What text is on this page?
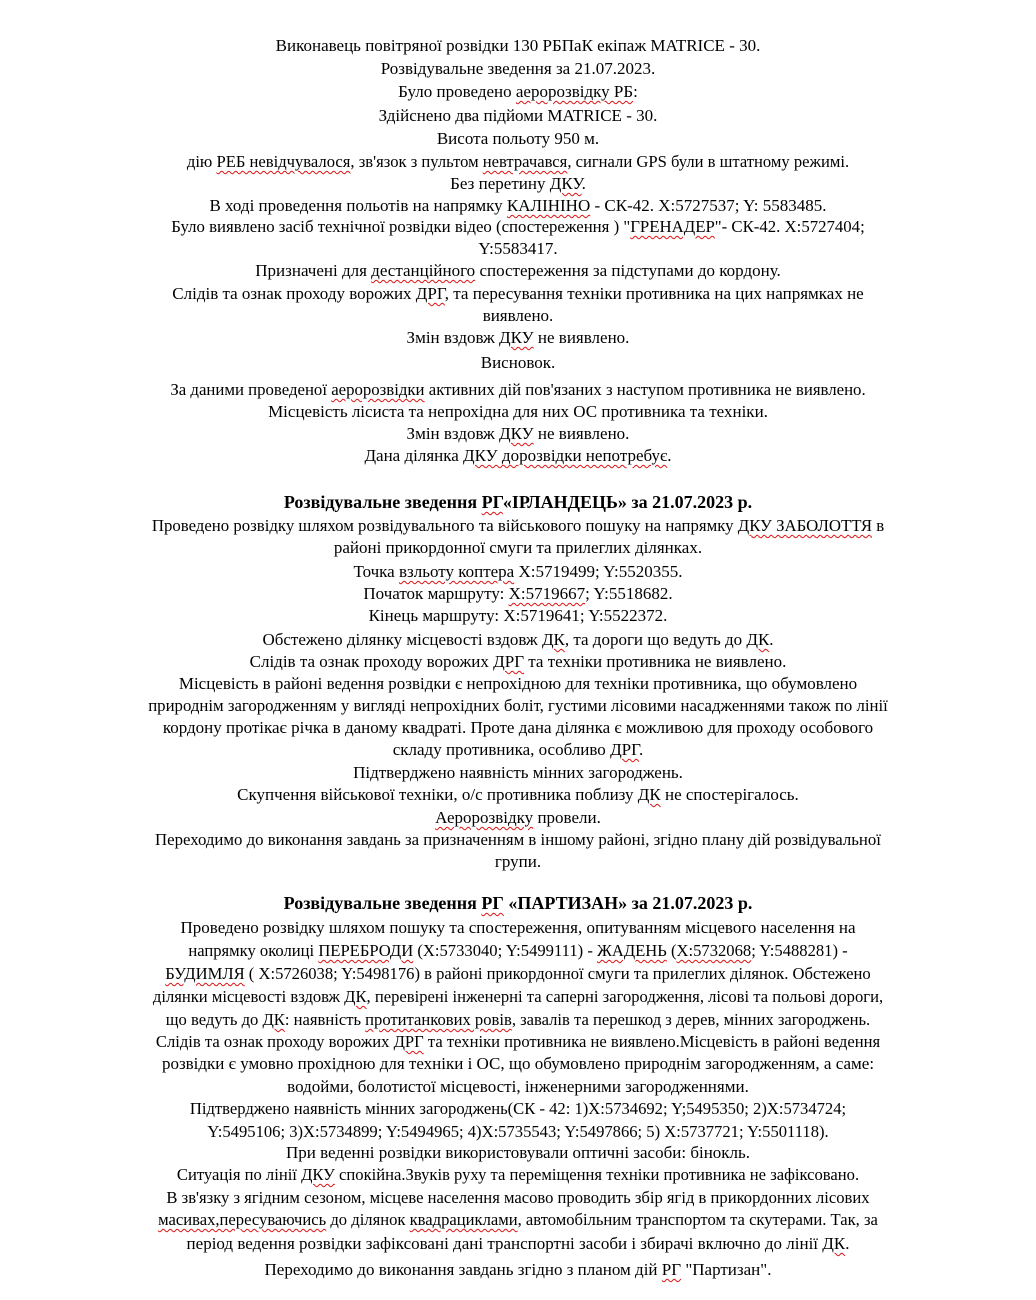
Виконавець повітряної розвідки 130 РБПаК екіпаж MATRICE - 30.
Розвідувальне зведення за 21.07.2023.
Було проведено аеророзвідку РБ:
Здійснено два підйоми MATRICE - 30.
Висота польоту 950 м.
дію РЕБ невідчувалося, зв'язок з пультом невтрачався, сигнали GPS були в штатному режимі.
Без перетину ДКУ.
В ході проведення польотів на напрямку КАЛІНІНО - СК-42. X:5727537; Y: 5583485.
Було виявлено засіб технічної розвідки відео (спостереження ) "ГРЕНАДЕР"- СК-42. X:5727404;
Y:5583417.
Призначені для дестанційного спостереження за підступами до кордону.
Слідів та ознак проходу ворожих ДРГ, та пересування техніки противника на цих напрямках не
виявлено.
Змін вздовж ДКУ не виявлено.
Висновок.
За даними проведеної аеророзвідки активних дій пов'язаних з наступом противника не виявлено.
Місцевість лісиста та непрохідна для них ОС противника та техніки.
Змін вздовж ДКУ не виявлено.
Дана ділянка ДКУ дорозвідки непотребує.
Розвідувальне зведення РГ«ІРЛАНДЕЦЬ» за 21.07.2023 р.
Проведено розвідку шляхом розвідувального та військового пошуку на напрямку ДКУ ЗАБОЛОТТЯ в
районі прикордонної смуги та прилеглих ділянках.
Точка взльоту коптера X:5719499; Y:5520355.
Початок маршруту: X:5719667; Y:5518682.
Кінець маршруту: X:5719641; Y:5522372.
Обстежено ділянку місцевості вздовж ДК, та дороги що ведуть до ДК.
Слідів та ознак проходу ворожих ДРГ та техніки противника не виявлено.
Місцевість в районі ведення розвідки є непрохідною для техніки противника, що обумовлено
природнім загородженням у вигляді непрохідних боліт, густими лісовими насадженнями також по лінії
кордону протікає річка в даному квадраті. Проте дана ділянка є можливою для проходу особового
складу противника, особливо ДРГ.
Підтверджено наявність мінних загороджень.
Скупчення військової техніки, о/с противника поблизу ДК не спостерігалось.
Аеророзвідку провели.
Переходимо до виконання завдань за призначенням в іншому районі, згідно плану дій розвідувальної
групи.
Розвідувальне зведення РГ «ПАРТИЗАН» за 21.07.2023 р.
Проведено розвідку шляхом пошуку та спостереження, опитуванням місцевого населення на
напрямку околиці ПЕРЕБРОДИ (X:5733040; Y:5499111) - ЖАДЕНЬ (X:5732068; Y:5488281) -
БУДИМЛЯ ( X:5726038; Y:5498176) в районі прикордонної смуги та прилеглих ділянок. Обстежено
ділянки місцевості вздовж ДК, перевірені інженерні та саперні загородження, лісові та польові дороги,
що ведуть до ДК: наявність протитанкових ровів, завалів та перешкод з дерев, мінних загороджень.
Слідів та ознак проходу ворожих ДРГ та техніки противника не виявлено.Місцевість в районі ведення
розвідки є умовно прохідною для техніки і ОС, що обумовлено природнім загородженням, а саме:
водойми, болотистої місцевості, інженерними загородженнями.
Підтверджено наявність мінних загороджень(СК - 42: 1)X:5734692; Y;5495350; 2)X:5734724;
Y:5495106; 3)X:5734899; Y:5494965; 4)X:5735543; Y:5497866; 5) X:5737721; Y:5501118).
При веденні розвідки використовували оптичні засоби: бінокль.
Ситуація по лінії ДКУ спокійна.Звуків руху та переміщення техніки противника не зафіксовано.
В зв'язку з ягідним сезоном, місцеве населення масово проводить збір ягід в прикордонних лісових
масивах,пересуваючись до ділянок квадрациклами, автомобільним транспортом та скутерами. Так, за
період ведення розвідки зафіксовані дані транспортні засоби і збирачі включно до лінії ДК.
Переходимо до виконання завдань згідно з планом дій РГ "Партизан".
